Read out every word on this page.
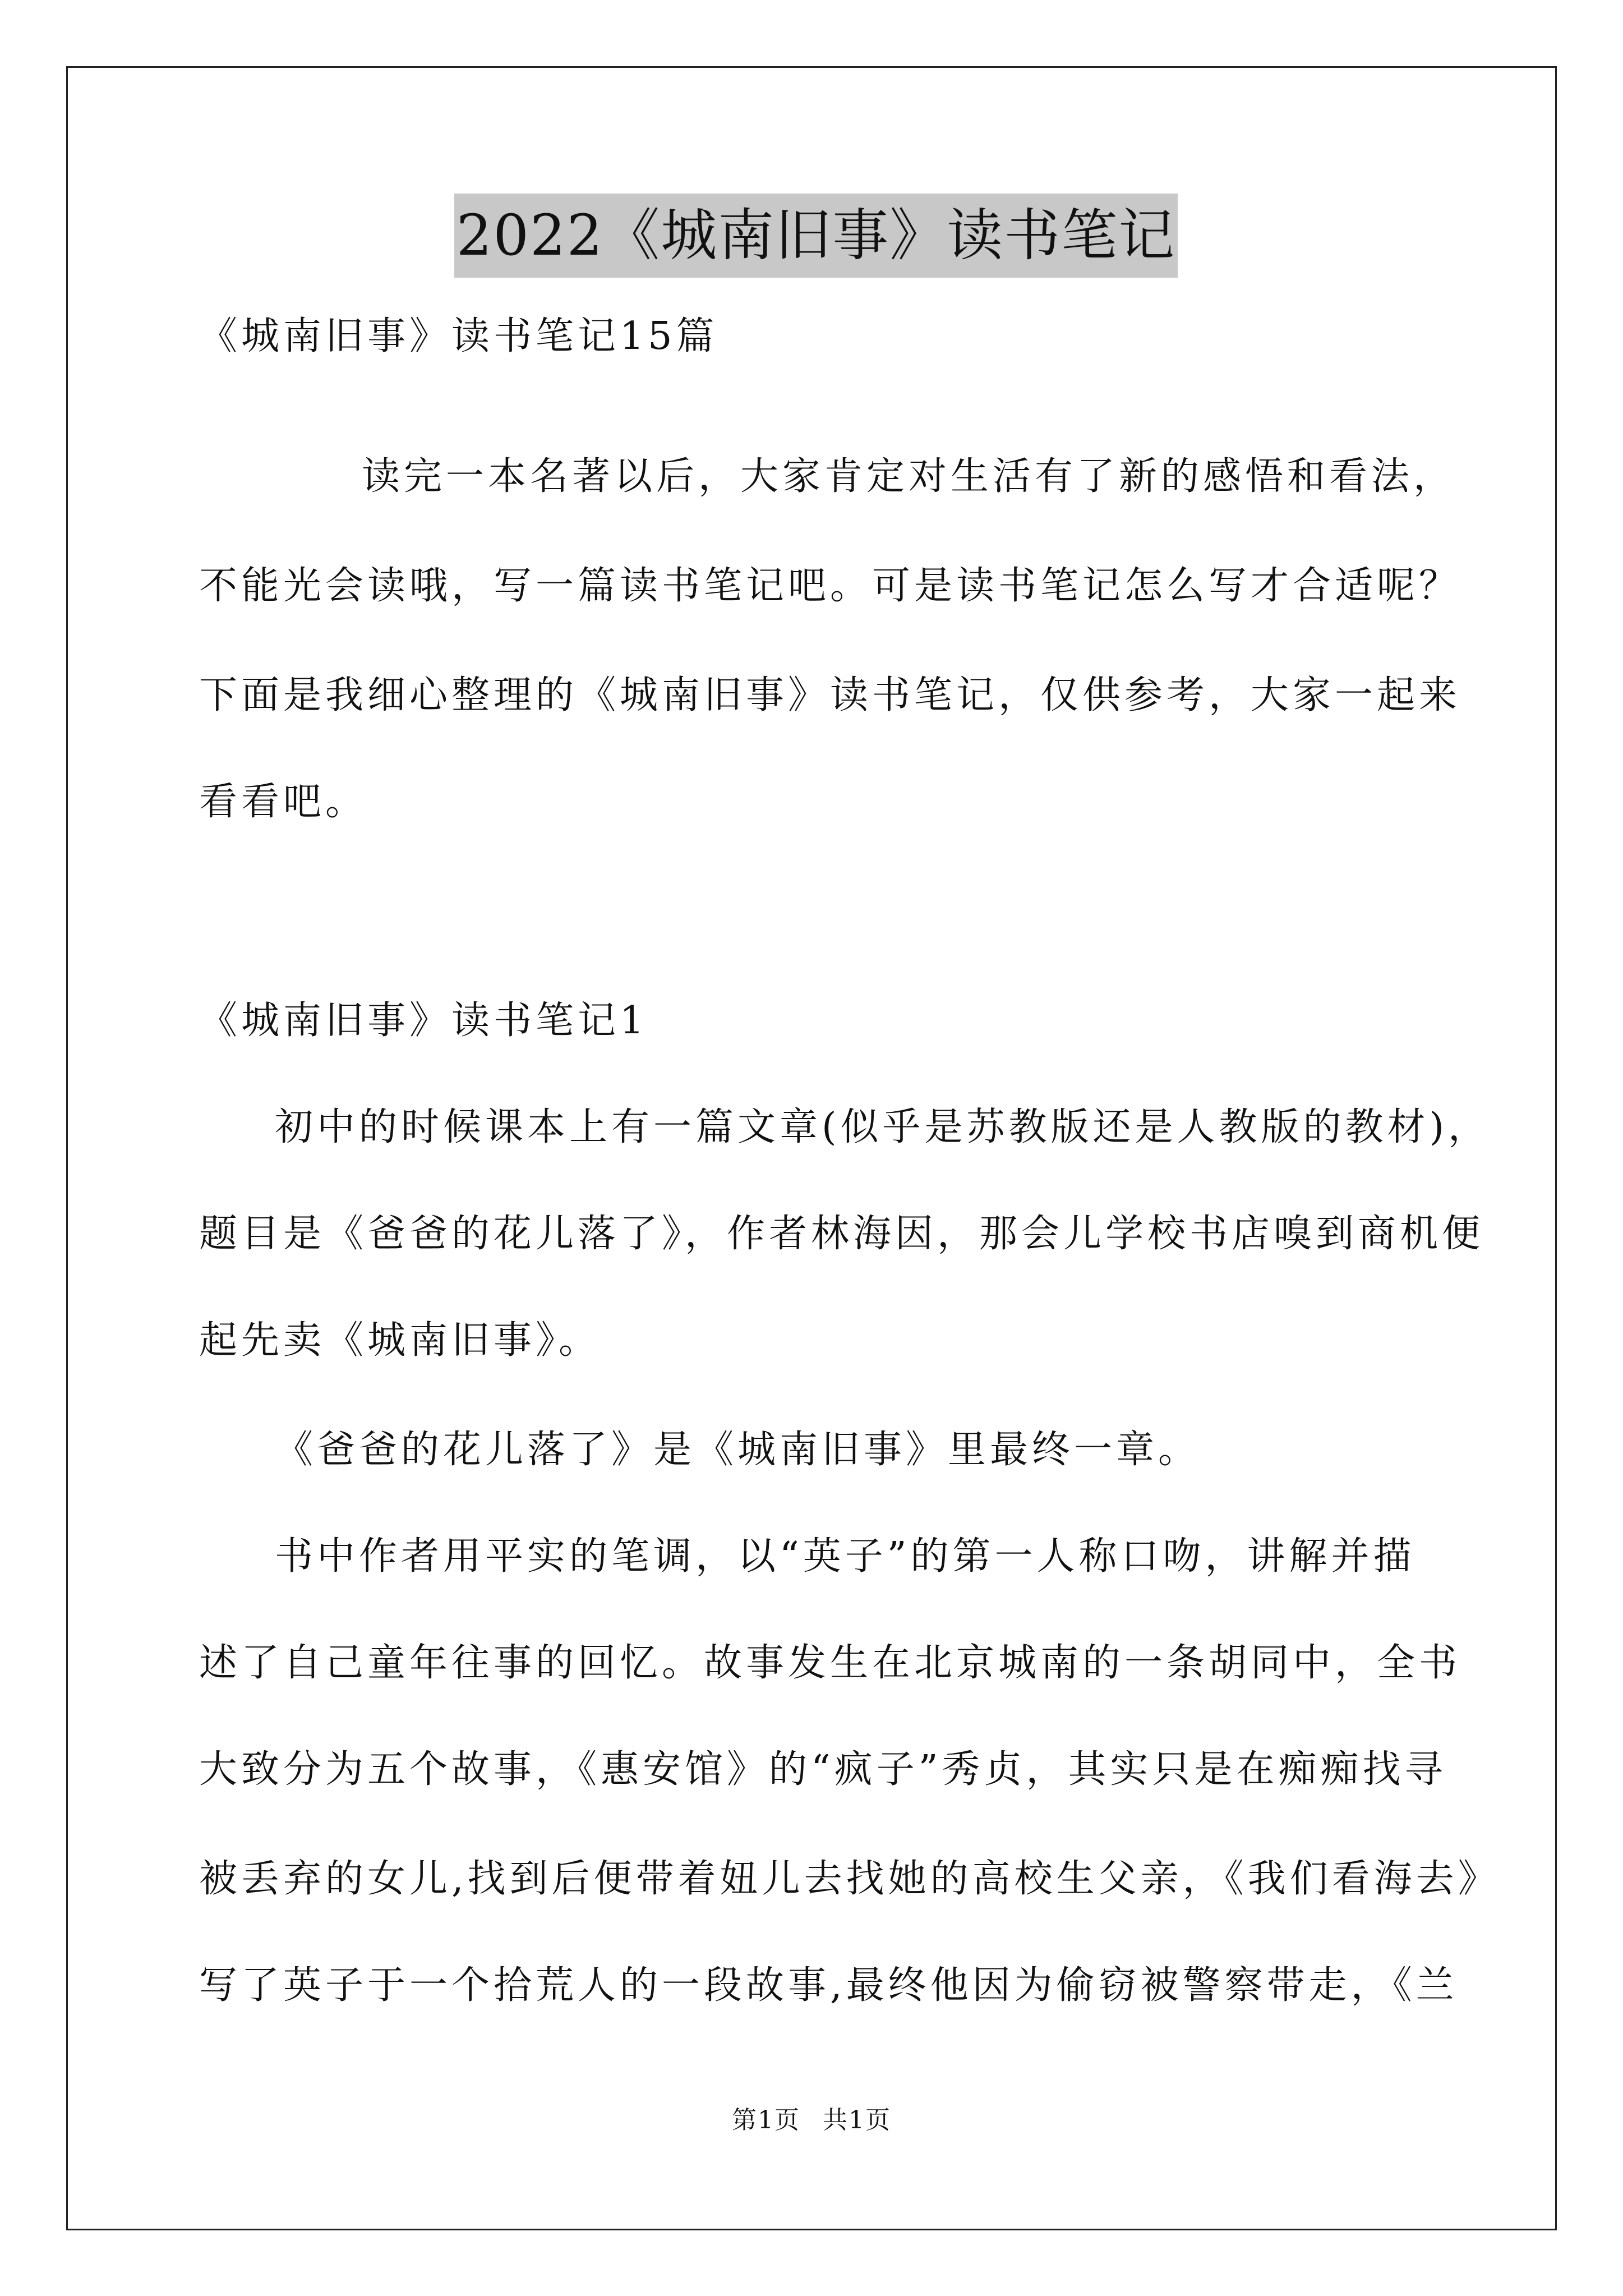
2022《城南旧事》读书笔记
《城南旧事》读书笔记15篇
读完一本名著以后，大家肯定对生活有了新的感悟和看法，
不能光会读哦，写一篇读书笔记吧。可是读书笔记怎么写才合适呢？
下面是我细心整理的《城南旧事》读书笔记，仅供参考，大家一起来
看看吧。
《城南旧事》读书笔记1
初中的时候课本上有一篇文章(似乎是苏教版还是人教版的教材)，
题目是《爸爸的花儿落了》，作者林海因，那会儿学校书店嗅到商机便
起先卖《城南旧事》。
《爸爸的花儿落了》是《城南旧事》里最终一章。
书中作者用平实的笔调，以“英子”的第一人称口吻，讲解并描
述了自己童年往事的回忆。故事发生在北京城南的一条胡同中，全书
大致分为五个故事，《惠安馆》的“疯子”秀贞，其实只是在痴痴找寻
被丢弃的女儿,找到后便带着妞儿去找她的高校生父亲，《我们看海去》
写了英子于一个拾荒人的一段故事,最终他因为偷窃被警察带走，《兰
第1页 共1页
